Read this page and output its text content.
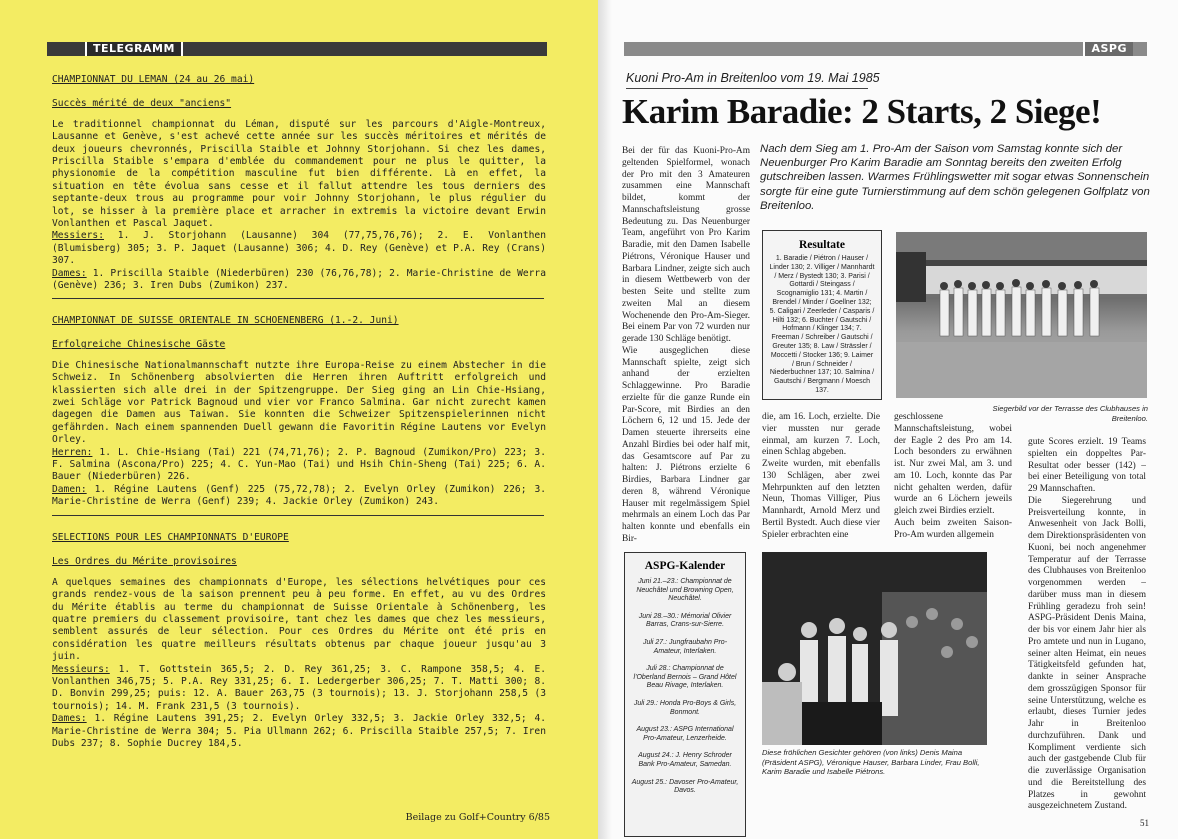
TELEGRAMM
CHAMPIONNAT DU LEMAN (24 au 26 mai)
Succès mérité de deux "anciens"

Le traditionnel championnat du Léman, disputé sur les parcours d'Aigle-Montreux, Lausanne et Genève, s'est achevé cette année sur les succès méritoires et mérités de deux joueurs chevronnés, Priscilla Staible et Johnny Storjohann. Si chez les dames, Priscilla Staible s'empara d'emblée du commandement pour ne plus le quitter, la physionomie de la compétition masculine fut bien différente. Là en effet, la situation en tête évolua sans cesse et il fallut attendre les tous derniers des septante-deux trous au programme pour voir Johnny Storjohann, le plus régulier du lot, se hisser à la première place et arracher in extremis la victoire devant Erwin Vonlanthen et Pascal Jaquet.

Messiers: 1. J. Storjohann (Lausanne) 304 (77,75,76,76); 2. E. Vonlanthen (Blumisberg) 305; 3. P. Jaquet (Lausanne) 306; 4. D. Rey (Genève) et P.A. Rey (Crans) 307.

Dames: 1. Priscilla Staible (Niederbüren) 230 (76,76,78); 2. Marie-Christine de Werra (Genève) 236; 3. Iren Dubs (Zumikon) 237.

CHAMPIONNAT DE SUISSE ORIENTALE IN SCHOENENBERG (1.-2. Juni)
Erfolgreiche Chinesische Gäste

Die Chinesische Nationalmannschaft nutzte ihre Europa-Reise zu einem Abstecher in die Schweiz. In Schönenberg absolvierten die Herren ihren Auftritt erfolgreich und klassierten sich alle drei in der Spitzengruppe. Der Sieg ging an Lin Chie-Hsiang, zwei Schläge vor Patrick Bagnoud und vier vor Franco Salmina. Gar nicht zurecht kamen dagegen die Damen aus Taiwan. Sie konnten die Schweizer Spitzenspielerinnen nicht gefährden. Nach einem spannenden Duell gewann die Favoritin Régine Lautens vor Evelyn Orley.

Herren: 1. L. Chie-Hsiang (Tai) 221 (74,71,76); 2. P. Bagnoud (Zumikon/Pro) 223; 3. F. Salmina (Ascona/Pro) 225; 4. C. Yun-Mao (Tai) und Hsih Chin-Sheng (Tai) 225; 6. A. Bauer (Niederbüren) 226.

Damen: 1. Régine Lautens (Genf) 225 (75,72,78); 2. Evelyn Orley (Zumikon) 226; 3. Marie-Christine de Werra (Genf) 239; 4. Jackie Orley (Zumikon) 243.

SELECTIONS POUR LES CHAMPIONNATS D'EUROPE
Les Ordres du Mérite provisoires

A quelques semaines des championnats d'Europe, les sélections helvétiques pour ces grands rendez-vous de la saison prennent peu à peu forme. En effet, au vu des Ordres du Mérite établis au terme du championnat de Suisse Orientale à Schönenberg, les quatre premiers du classement provisoire, tant chez les dames que chez les messieurs, semblent assurés de leur sélection. Pour ces Ordres du Mérite ont été pris en considération les quatre meilleurs résultats obtenus par chaque joueur jusqu'au 3 juin.

Messieurs: 1. T. Gottstein 365,5; 2. D. Rey 361,25; 3. C. Rampone 358,5; 4. E. Vonlanthen 346,75; 5. P.A. Rey 331,25; 6. I. Ledergerber 306,25; 7. T. Matti 300; 8. D. Bonvin 299,25; puis: 12. A. Bauer 263,75 (3 tournois); 13. J. Storjohann 258,5 (3 tournois); 14. M. Frank 231,5 (3 tournois).

Dames: 1. Régine Lautens 391,25; 2. Evelyn Orley 332,5; 3. Jackie Orley 332,5; 4. Marie-Christine de Werra 304; 5. Pia Ullmann 262; 6. Priscilla Staible 257,5; 7. Iren Dubs 237; 8. Sophie Ducrey 184,5.

Beilage zu Golf+Country 6/85
ASPG
Kuoni Pro-Am in Breitenloo vom 19. Mai 1985
Karim Baradie: 2 Starts, 2 Siege!
Nach dem Sieg am 1. Pro-Am der Saison vom Samstag konnte sich der Neuenburger Pro Karim Baradie am Sonntag bereits den zweiten Erfolg gutschreiben lassen. Warmes Frühlingswetter mit sogar etwas Sonnenschein sorgte für eine gute Turnierstimmung auf dem schön gelegenen Golfplatz von Breitenloo.

Bei der für das Kuoni-Pro-Am geltenden Spielformel, wonach der Pro mit den 3 Amateuren zusammen eine Mannschaft bildet, kommt der Mannschaftsleistung grosse Bedeutung zu. Das Neuenburger Team, angeführt von Pro Karim Baradie, mit den Damen Isabelle Piétrons, Véronique Hauser und Barbara Lindner, zeigte sich auch in diesem Wettbewerb von der besten Seite und stellte zum zweiten Mal an diesem Wochenende den Pro-Am-Sieger. Bei einem Par von 72 wurden nur gerade 130 Schläge benötigt.

Wie ausgeglichen diese Mannschaft spielte, zeigt sich anhand der erzielten Schlaggewinne. Pro Baradie erzielte für die ganze Runde ein Par-Score, mit Birdies an den Löchern 6, 12 und 15. Jede der Damen steuerte ihrerseits eine Anzahl Birdies bei oder half mit, das Gesamtscore auf Par zu halten: J. Piétrons erzielte 6 Birdies, Barbara Lindner gar deren 8, während Véronique Hauser mit regelmässigem Spiel mehrmals an einem Loch das Par halten konnte und ebenfalls ein Bir-

Resultate
1. Baradie / Piétron / Hauser / Linder 130; 2. Villiger / Mannhardt / Merz / Bystedt 130; 3. Parisi / Gottardi / Steingass / Scognamiglio 131; 4. Martin / Brendel / Minder / Goellner 132; 5. Caligari / Zeerleder / Casparis / Hilti 132; 6. Buchter / Gautschi / Hofmann / Klinger 134; 7. Freeman / Schreiber / Gautschi / Greuter 135; 8. Law / Strässler / Moccetti / Stocker 136; 9. Laimer / Brun / Schneider / Niederbuchner 137; 10. Salmina / Gautschi / Bergmann / Moesch 137.
Siegerbild vor der Terrasse des Clubhauses in Breitenloo.

die, am 16. Loch, erzielte. Die vier mussten nur gerade einmal, am kurzen 7. Loch, einen Schlag abgeben.

Zweite wurden, mit ebenfalls 130 Schlägen, aber zwei Mehrpunkten auf den letzten Neun, Thomas Villiger, Pius Mannhardt, Arnold Merz und Bertil Bystedt. Auch diese vier Spieler erbrachten eine

geschlossene Mannschaftsleistung, wobei der Eagle 2 des Pro am 14. Loch besonders zu erwähnen ist. Nur zwei Mal, am 3. und am 10. Loch, konnte das Par nicht gehalten werden, dafür wurde an 6 Löchern jeweils gleich zwei Birdies erzielt.

Auch beim zweiten Saison-Pro-Am wurden allgemein

gute Scores erzielt. 19 Teams spielten ein doppeltes Par-Resultat oder besser (142) – bei einer Beteiligung von total 29 Mannschaften.

Die Siegerehrung und Preisverteilung konnte, in Anwesenheit von Jack Bolli, dem Direktionspräsidenten von Kuoni, bei noch angenehmer Temperatur auf der Terrasse des Clubhauses von Breitenloo vorgenommen werden – darüber muss man in diesem Frühling geradezu froh sein! ASPG-Präsident Denis Maina, der bis vor einem Jahr hier als Pro amtete und nun in Lugano, seiner alten Heimat, ein neues Tätigkeitsfeld gefunden hat, dankte in seiner Ansprache dem grosszügigen Sponsor für seine Unterstützung, welche es erlaubt, dieses Turnier jedes Jahr in Breitenloo durchzuführen. Dank und Kompliment verdiente sich auch der gastgebende Club für die zuverlässige Organisation und die Bereitstellung des Platzes in gewohnt ausgezeichnetem Zustand.

ASPG-Kalender
Juni 21.–23.: Championnat de Neuchâtel und Browning Open, Neuchâtel.
Juni 28.–30.: Mémorial Olivier Barras, Crans-sur-Sierre.
Juli 27.: Jungfraubahn Pro-Amateur, Interlaken.
Juli 28.: Championnat de l'Oberland Bernois – Grand Hôtel Beau Rivage, Interlaken.
Juli 29.: Honda Pro-Boys & Girls, Bonmont.
August 23.: ASPG International Pro-Amateur, Lenzerheide.
August 24.: J. Henry Schroder Bank Pro-Amateur, Samedan.
August 25.: Davoser Pro-Amateur, Davos.
Diese fröhlichen Gesichter gehören (von links) Denis Maina (Präsident ASPG), Véronique Hauser, Barbara Linder, Frau Bolli, Karim Baradie und Isabelle Piétrons.
51
